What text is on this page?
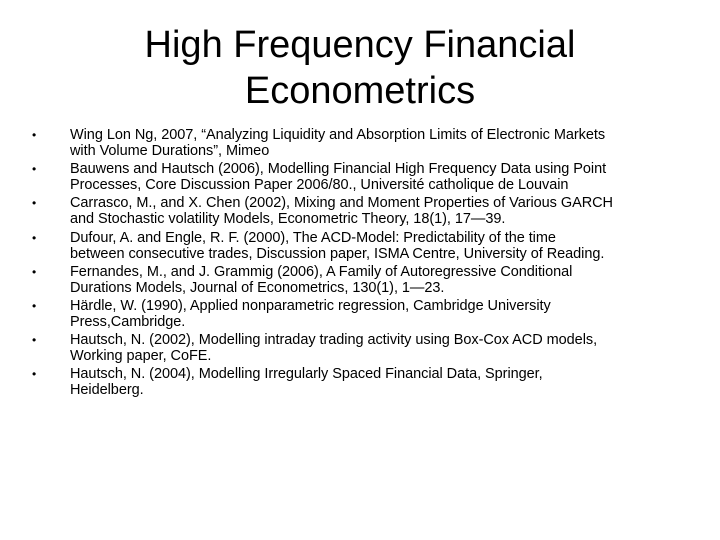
High Frequency Financial
Econometrics
• Wing Lon Ng, 2007, “Analyzing Liquidity and Absorption Limits of Electronic Markets
with Volume Durations”, Mimeo
• Bauwens and Hautsch (2006), Modelling Financial High Frequency Data using Point
Processes, Core Discussion Paper 2006/80., Université catholique de Louvain
• Carrasco, M., and X. Chen (2002), Mixing and Moment Properties of Various GARCH
and Stochastic volatility Models, Econometric Theory, 18(1), 17—39.
• Dufour, A. and Engle, R. F. (2000), The ACD-Model: Predictability of the time
between consecutive trades, Discussion paper, ISMA Centre, University of Reading.
• Fernandes, M., and J. Grammig (2006), A Family of Autoregressive Conditional
Durations Models, Journal of Econometrics, 130(1), 1—23.
• Härdle, W. (1990), Applied nonparametric regression, Cambridge University
Press,Cambridge.
• Hautsch, N. (2002), Modelling intraday trading activity using Box-Cox ACD models,
Working paper, CoFE.
• Hautsch, N. (2004), Modelling Irregularly Spaced Financial Data, Springer,
Heidelberg.
